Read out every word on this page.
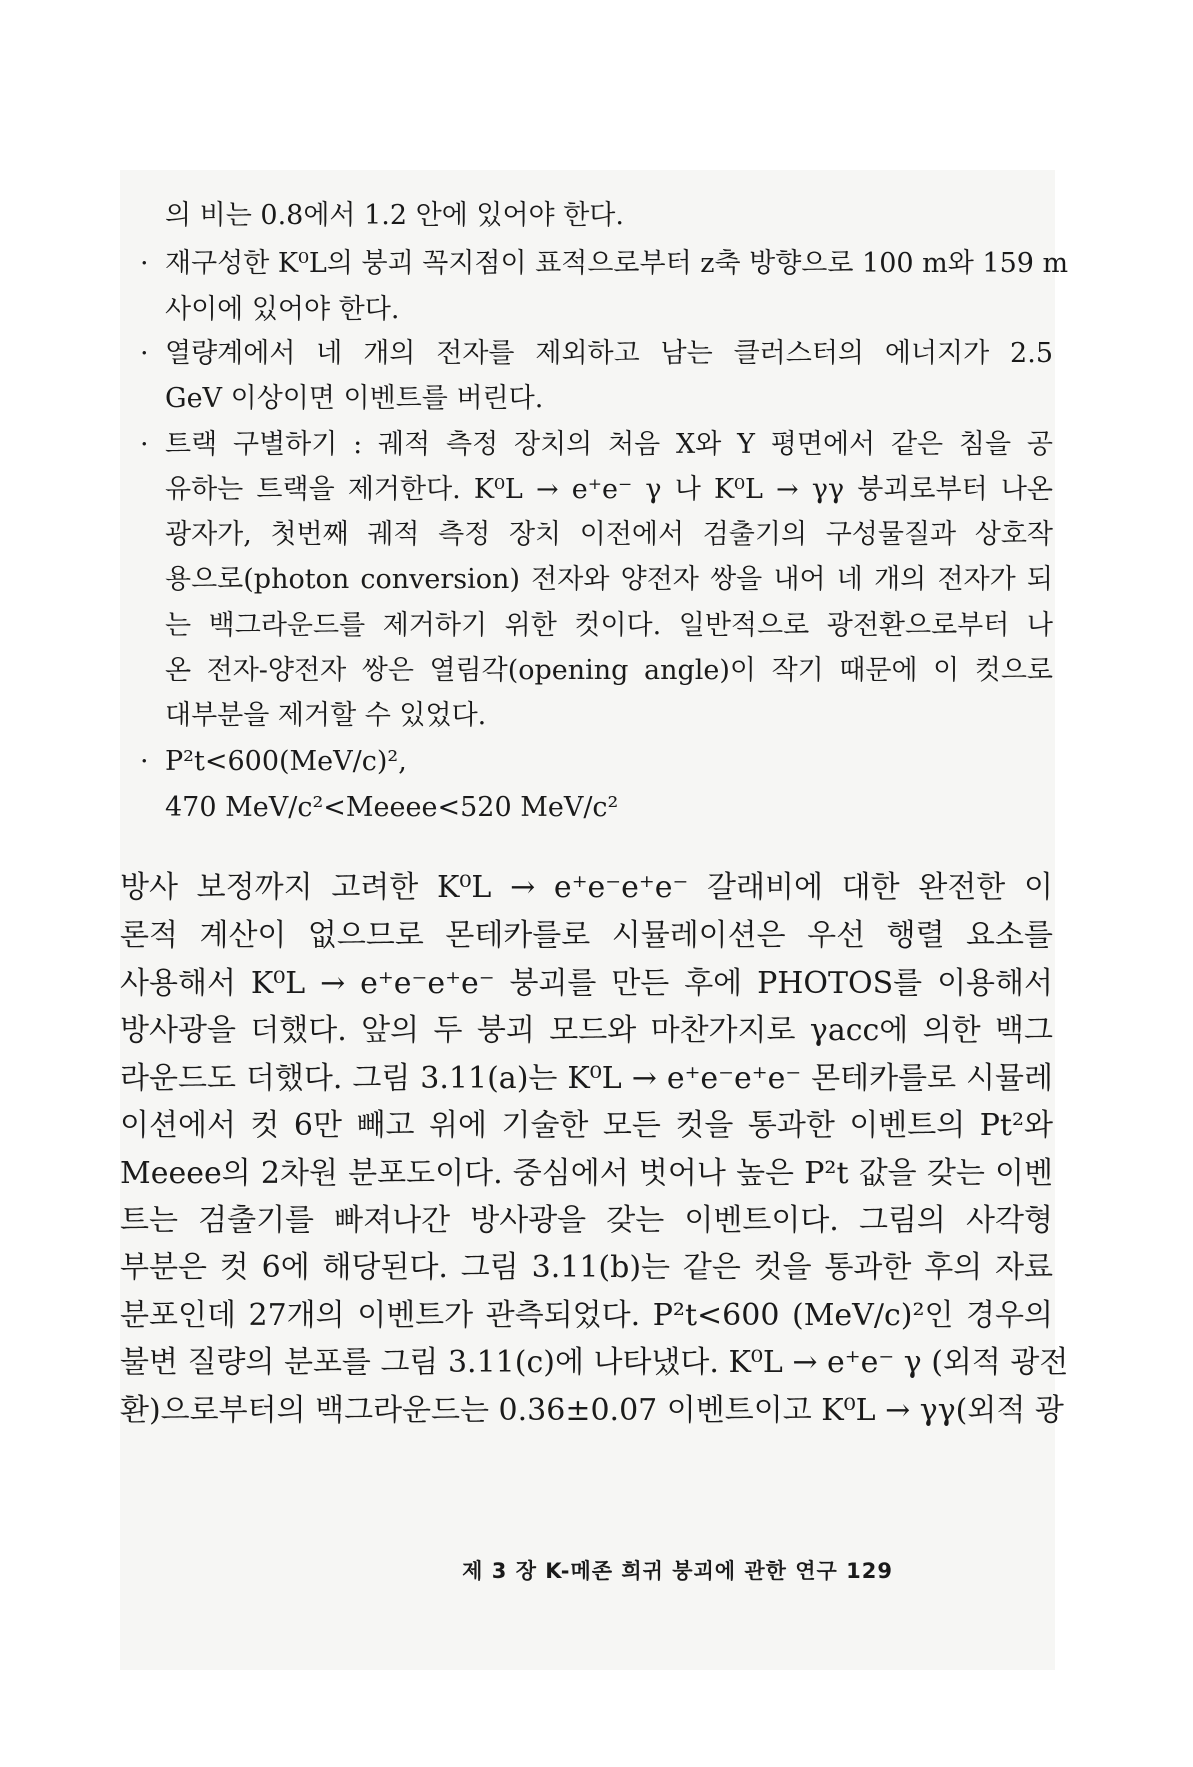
의 비는 0.8에서 1.2 안에 있어야 한다.
· 재구성한 K⁰L의 붕괴 꼭지점이 표적으로부터 z축 방향으로 100 m와 159 m
사이에 있어야 한다.
· 열량계에서 네 개의 전자를 제외하고 남는 클러스터의 에너지가 2.5
GeV 이상이면 이벤트를 버린다.
· 트랙 구별하기 : 궤적 측정 장치의 처음 X와 Y 평면에서 같은 침을 공
유하는 트랙을 제거한다. K⁰L → e⁺e⁻ γ 나 K⁰L → γγ 붕괴로부터 나온
광자가, 첫번째 궤적 측정 장치 이전에서 검출기의 구성물질과 상호작
용으로(photon conversion) 전자와 양전자 쌍을 내어 네 개의 전자가 되
는 백그라운드를 제거하기 위한 컷이다. 일반적으로 광전환으로부터 나
온 전자-양전자 쌍은 열림각(opening angle)이 작기 때문에 이 컷으로
대부분을 제거할 수 있었다.
· P²t<600(MeV/c)²,
470 MeV/c²<Meeee<520 MeV/c²
방사 보정까지 고려한 K⁰L → e⁺e⁻e⁺e⁻ 갈래비에 대한 완전한 이
론적 계산이 없으므로 몬테카를로 시뮬레이션은 우선 행렬 요소를
사용해서 K⁰L → e⁺e⁻e⁺e⁻ 붕괴를 만든 후에 PHOTOS를 이용해서
방사광을 더했다. 앞의 두 붕괴 모드와 마찬가지로 γacc에 의한 백그
라운드도 더했다. 그림 3.11(a)는 K⁰L → e⁺e⁻e⁺e⁻ 몬테카를로 시뮬레
이션에서 컷 6만 빼고 위에 기술한 모든 컷을 통과한 이벤트의 Pt²와
Meeee의 2차원 분포도이다. 중심에서 벗어나 높은 P²t 값을 갖는 이벤
트는 검출기를 빠져나간 방사광을 갖는 이벤트이다. 그림의 사각형
부분은 컷 6에 해당된다. 그림 3.11(b)는 같은 컷을 통과한 후의 자료
분포인데 27개의 이벤트가 관측되었다. P²t<600 (MeV/c)²인 경우의
불변 질량의 분포를 그림 3.11(c)에 나타냈다. K⁰L → e⁺e⁻ γ (외적 광전
환)으로부터의 백그라운드는 0.36±0.07 이벤트이고 K⁰L → γγ(외적 광
제 3 장 K-메존 희귀 붕괴에 관한 연구 129
